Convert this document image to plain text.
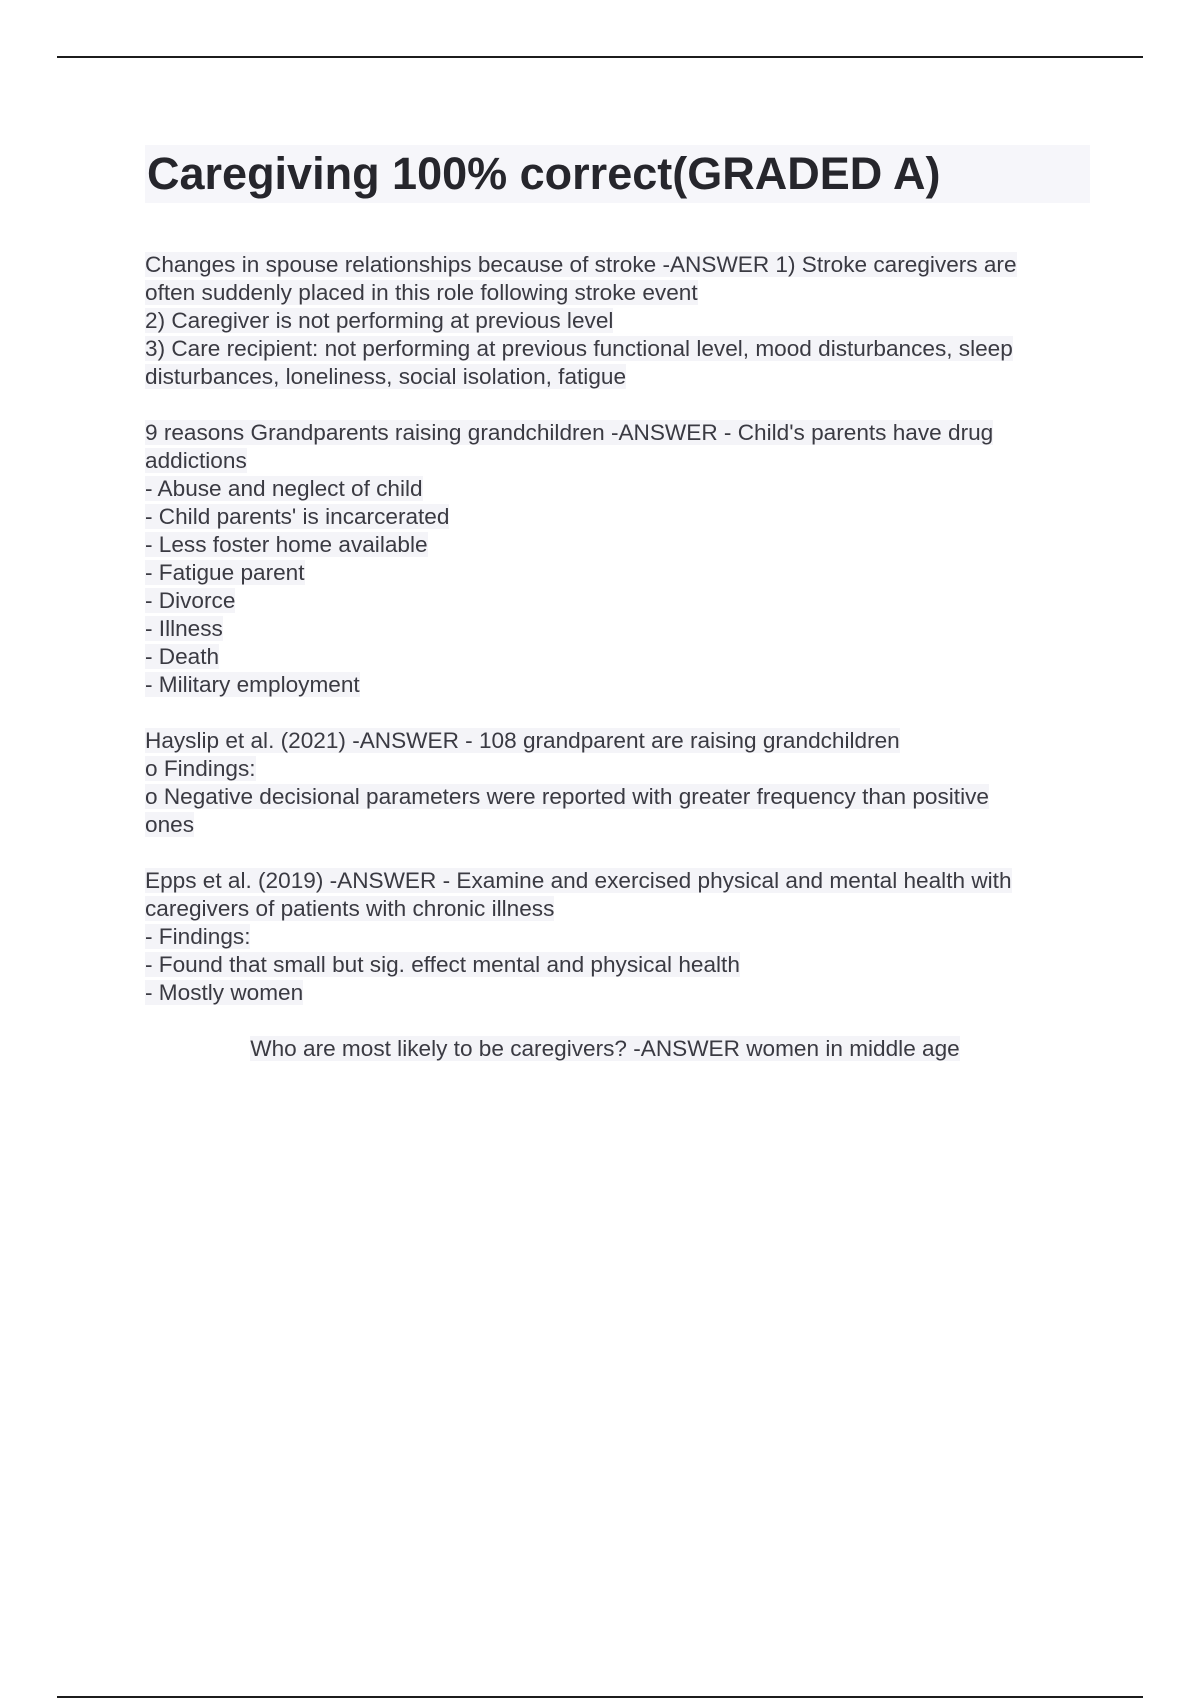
Caregiving 100% correct(GRADED A)

Changes in spouse relationships because of stroke -ANSWER 1) Stroke caregivers are
often suddenly placed in this role following stroke event
2) Caregiver is not performing at previous level
3) Care recipient: not performing at previous functional level, mood disturbances, sleep
disturbances, loneliness, social isolation, fatigue

9 reasons Grandparents raising grandchildren -ANSWER - Child's parents have drug
addictions
- Abuse and neglect of child
- Child parents' is incarcerated
- Less foster home available
- Fatigue parent
- Divorce
- Illness
- Death
- Military employment

Hayslip et al. (2021) -ANSWER - 108 grandparent are raising grandchildren
o Findings:
o Negative decisional parameters were reported with greater frequency than positive
ones

Epps et al. (2019) -ANSWER - Examine and exercised physical and mental health with
caregivers of patients with chronic illness
- Findings:
- Found that small but sig. effect mental and physical health
- Mostly women

Who are most likely to be caregivers? -ANSWER women in middle age
